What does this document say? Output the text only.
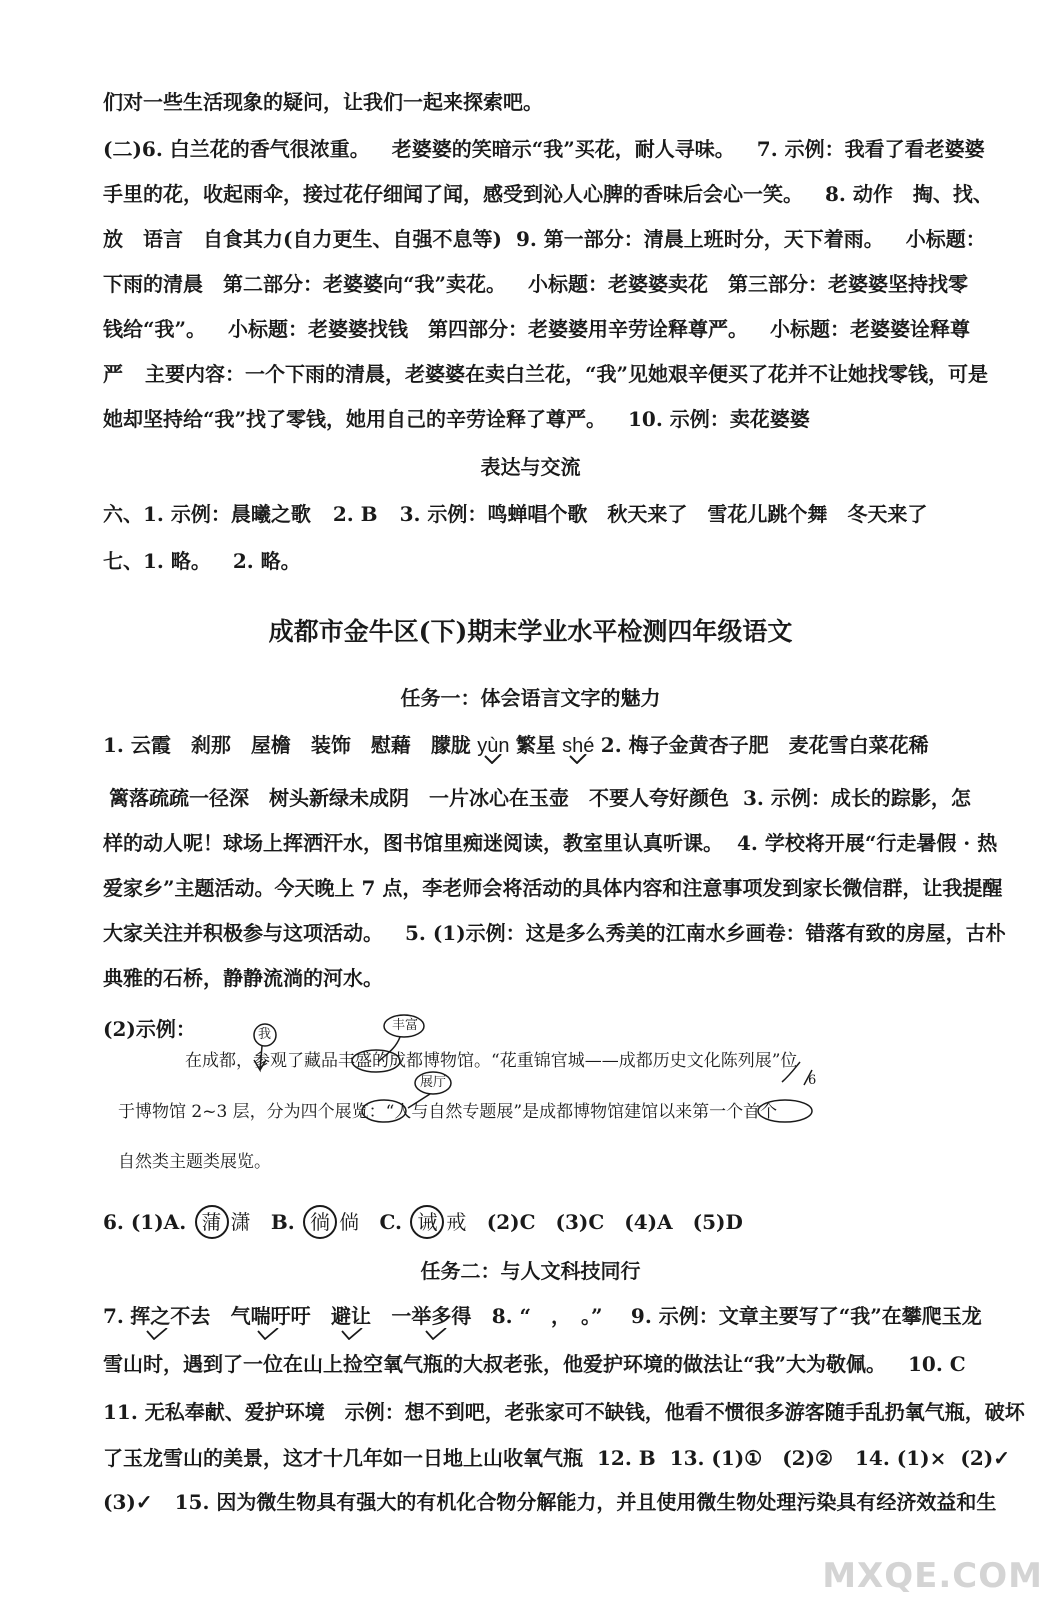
们对一些生活现象的疑问，让我们一起来探索吧。
(二)6. 白兰花的香气很浓重。 老婆婆的笑暗示“我”买花，耐人寻味。 7. 示例：我看了看老婆婆
手里的花，收起雨伞，接过花仔细闻了闻，感受到沁人心脾的香味后会心一笑。 8. 动作　掏、找、
放　语言　自食其力(自力更生、自强不息等) 9. 第一部分：清晨上班时分，天下着雨。 小标题：
下雨的清晨　第二部分：老婆婆向“我”卖花。 小标题：老婆婆卖花　第三部分：老婆婆坚持找零
钱给“我”。 小标题：老婆婆找钱　第四部分：老婆婆用辛劳诠释尊严。 小标题：老婆婆诠释尊
严 主要内容：一个下雨的清晨，老婆婆在卖白兰花，“我”见她艰辛便买了花并不让她找零钱，可是
她却坚持给“我”找了零钱，她用自己的辛劳诠释了尊严。 10. 示例：卖花婆婆
表达与交流
六、1. 示例：晨曦之歌 2. B 3. 示例：鸣蝉唱个歌　秋天来了　雪花儿跳个舞　冬天来了
七、1. 略。 2. 略。
成都市金牛区(下)期末学业水平检测四年级语文
任务一：体会语言文字的魅力
1. 云霞　刹那　屋檐　装饰　慰藉　朦胧 yùn 繁星 shé 2. 梅子金黄杏子肥　麦花雪白菜花稀
篱落疏疏一径深　树头新绿未成阴　一片冰心在玉壶　不要人夸好颜色 3. 示例：成长的踪影，怎
样的动人呢！球场上挥洒汗水，图书馆里痴迷阅读，教室里认真听课。 4. 学校将开展“行走暑假 · 热
爱家乡”主题活动。今天晚上 7 点，李老师会将活动的具体内容和注意事项发到家长微信群，让我提醒
大家关注并积极参与这项活动。 5. (1)示例：这是多么秀美的江南水乡画卷：错落有致的房屋，古朴
典雅的石桥，静静流淌的河水。
(2)示例：
在成都，参观了藏品丰盛的成都博物馆。“花重锦官城——成都历史文化陈列展”位
于博物馆 2~3 层，分为四个展览：“人与自然专题展”是成都博物馆建馆以来第一个首个
自然类主题类展览。
我
丰富
展厅	6
6. (1)A. 蒲 潇 B. 徜 倘 C. 诫 戒 (2)C　(3)C　(4)A　(5)D
任务二：与人文科技同行
7. 挥之不去 气喘吁吁 避让 一举多得 8. “　，　。” 9. 示例：文章主要写了“我”在攀爬玉龙
雪山时，遇到了一位在山上捡空氧气瓶的大叔老张，他爱护环境的做法让“我”大为敬佩。 10. C
11. 无私奉献、爱护环境　示例：想不到吧，老张家可不缺钱，他看不惯很多游客随手乱扔氧气瓶，破坏
了玉龙雪山的美景，这才十几年如一日地上山收氧气瓶 12. B 13. (1)①　(2)② 14. (1)× (2)✓
(3)✓ 15. 因为微生物具有强大的有机化合物分解能力，并且使用微生物处理污染具有经济效益和生
MXQE.COM
